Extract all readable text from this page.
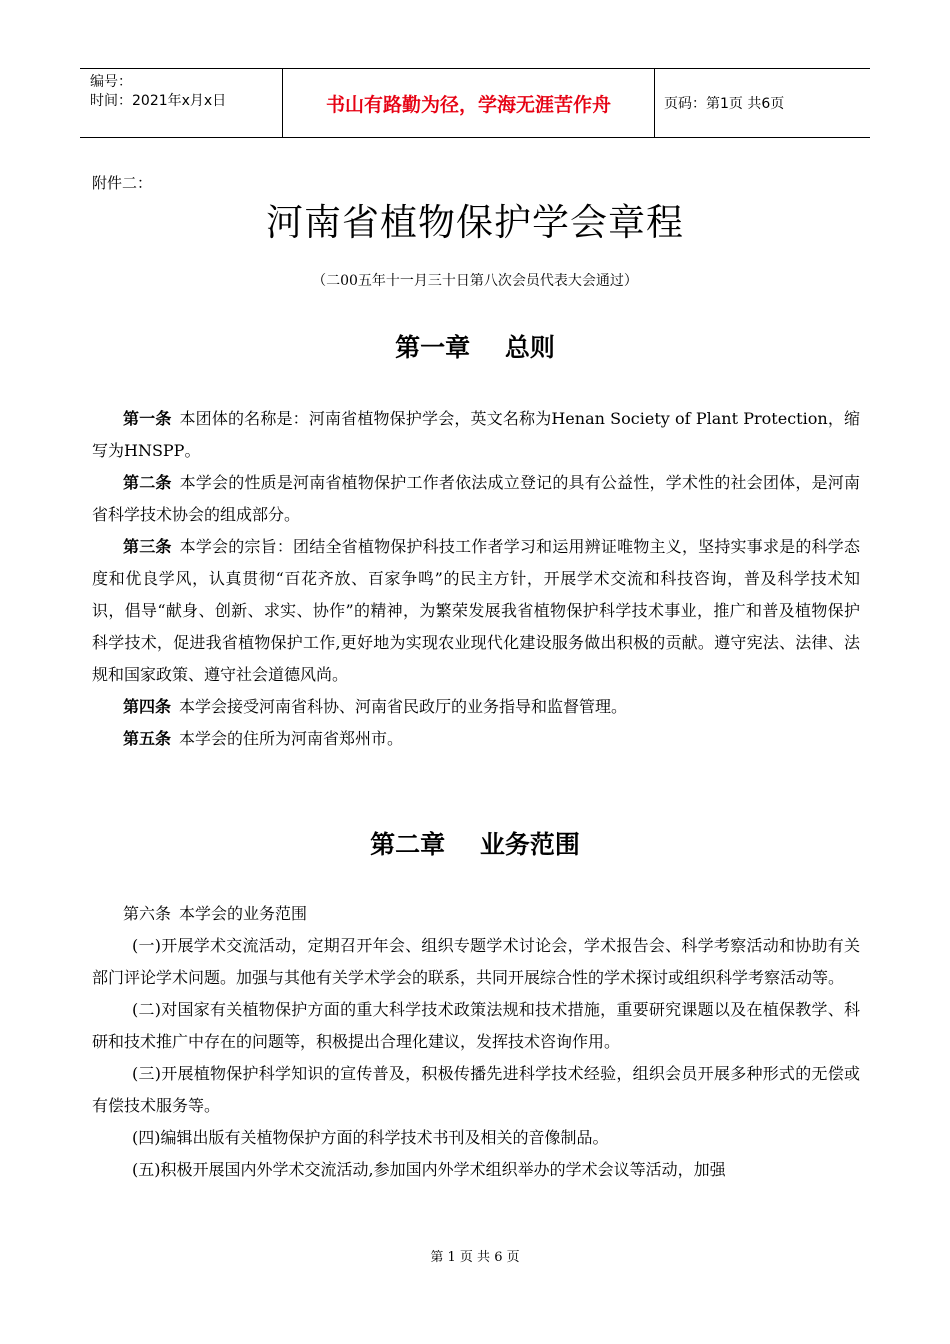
编号：
时间：2021年x月x日	书山有路勤为径，学海无涯苦作舟	页码：第1页 共6页
附件二：
河南省植物保护学会章程
（二00五年十一月三十日第八次会员代表大会通过）
第一章    总则

第一条 本团体的名称是：河南省植物保护学会，英文名称为Henan Society of Plant Protection，缩写为HNSPP。

第二条 本学会的性质是河南省植物保护工作者依法成立登记的具有公益性，学术性的社会团体，是河南省科学技术协会的组成部分。

第三条 本学会的宗旨：团结全省植物保护科技工作者学习和运用辨证唯物主义，坚持实事求是的科学态度和优良学风，认真贯彻“百花齐放、百家争鸣”的民主方针，开展学术交流和科技咨询，普及科学技术知识，倡导“献身、创新、求实、协作”的精神，为繁荣发展我省植物保护科学技术事业，推广和普及植物保护科学技术，促进我省植物保护工作,更好地为实现农业现代化建设服务做出积极的贡献。遵守宪法、法律、法规和国家政策、遵守社会道德风尚。

第四条 本学会接受河南省科协、河南省民政厅的业务指导和监督管理。

第五条 本学会的住所为河南省郑州市。

第二章    业务范围

第六条 本学会的业务范围

(一)开展学术交流活动，定期召开年会、组织专题学术讨论会，学术报告会、科学考察活动和协助有关部门评论学术问题。加强与其他有关学术学会的联系，共同开展综合性的学术探讨或组织科学考察活动等。

(二)对国家有关植物保护方面的重大科学技术政策法规和技术措施，重要研究课题以及在植保教学、科研和技术推广中存在的问题等，积极提出合理化建议，发挥技术咨询作用。

(三)开展植物保护科学知识的宣传普及，积极传播先进科学技术经验，组织会员开展多种形式的无偿或有偿技术服务等。

(四)编辑出版有关植物保护方面的科学技术书刊及相关的音像制品。

(五)积极开展国内外学术交流活动,参加国内外学术组织举办的学术会议等活动，加强

第 1 页 共 6 页
